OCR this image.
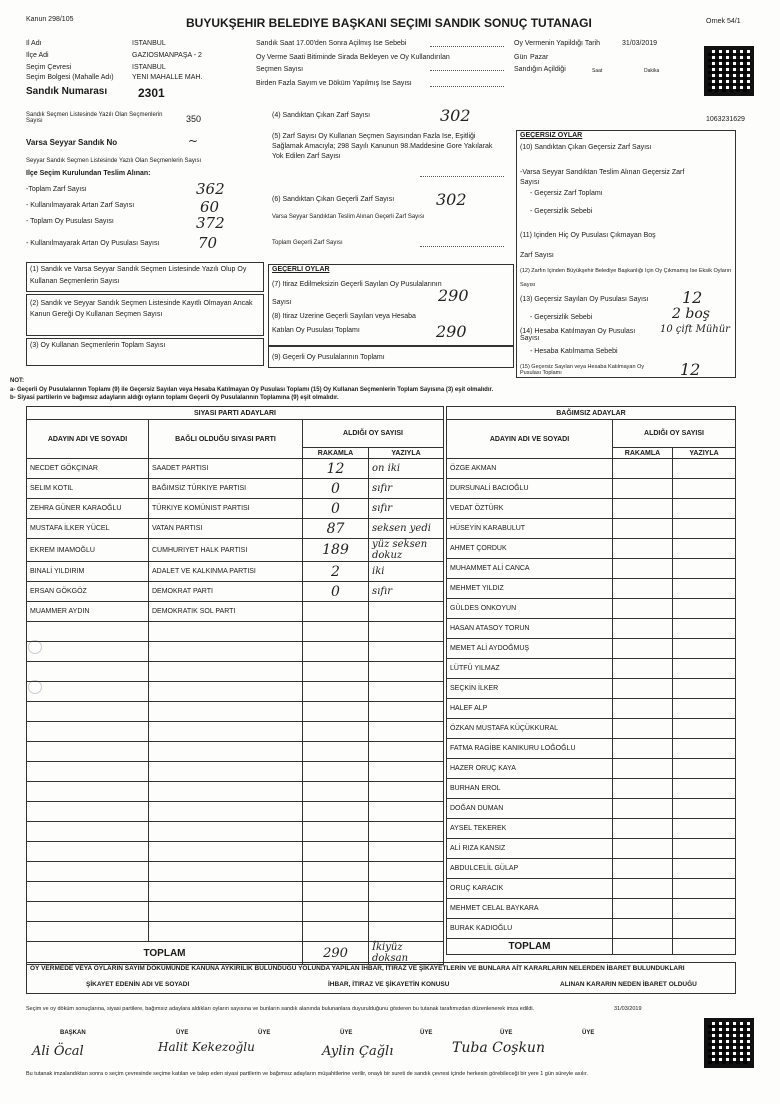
Kanun 298/105	BUYUKŞEHIR BELEDIYE BAŞKANI SEÇIMI SANDIK SONUÇ TUTANAGI	Ornek 54/1
Il Adı	ISTANBUL
Ilçe Adi	GAZIOSMANPAŞA - 2
Seçim Çevresi	ISTANBUL
Seçim Bolgesi (Mahalle Adı)	YENI MAHALLE MAH.
Sandık Numarası	2301
Sandık Saat 17.00'den Sonra Açilmış Ise Sebebi
Oy Verme Saati Bitiminde Sirada Bekleyen ve Oy Kullandırılan Seçmen Sayısı
Birden Fazla Sayım ve Döküm Yapılmış Ise Sayısı
Oy Vermenin Yapildığı Tarih	31/03/2019
Gün Pazar
Sandığın Açildiği	Saat	Dakika
1063231629
Sandık Seçmen Listesinde Yazılı Olan Seçmenlerin Sayısı	350
Varsa Seyyar Sandık No	~
Seyyar Sandık Seçmen Listesinde Yazılı Olan Seçmenlerin Sayısı
Ilçe Seçim Kurulundan Teslim Alınan:
-Toplam Zarf Sayısı	362
- Kullanılmayarak Artan Zarf Sayısı	60
- Toplam Oy Pusulası Sayısı	372
- Kullanılmayarak Artan Oy Pusulası Sayısı	70
(1) Sandık ve Varsa Seyyar Sandık Seçmen Listesinde Yazılı Olup Oy Kullanan Seçmenlerin Sayısı
(2) Sandık ve Seyyar Sandık Seçmen Listesinde Kayıtlı Olmayan Ancak Kanun Gereği Oy Kullanan Seçmen Sayısı
(3) Oy Kullanan Seçmenlerin Toplam Sayısı
(4) Sandıktan Çıkan Zarf Sayısı	302
(5) Zarf Sayısı Oy Kullanan Seçmen Sayısından Fazla Ise, Eşitliği Sağlamak Amacıyla; 298 Sayılı Kanunun 98.Maddesine Gore Yakılarak Yok Edilen Zarf Sayısı
(6) Sandıktan Çıkan Geçerli Zarf Sayısı	302
Varsa Seyyar Sandıktan Teslim Alınan Geçerli Zarf Sayısı
Toplam Geçerli Zarf Sayısı
GEÇERLI OYLAR
(7) Itiraz Edilmeksizin Geçerli Sayılan Oy Pusulalarının Sayısı	290
(8) Itiraz Uzerine Geçerli Sayılan veya Hesaba Katılan Oy Pusulası Toplamı	290
(9) Geçerli Oy Pusulalarının Toplamı
GEÇERSIZ OYLAR
(10) Sandıktan Çıkan Geçersiz Zarf Sayısı
-Varsa Seyyar Sandıktan Teslim Alınan Geçersiz Zarf Sayısı
- Geçersiz Zarf Toplamı
- Geçersizlik Sebebi
(11) Içinden Hiç Oy Pusulası Çıkmayan Boş Zarf Sayısı
(12) Zarfın Içinden Büyükşehir Belediye Başkanlığı Için Oy Çıkmamış Ise Eksik Oyların Sayısı
(13) Geçersiz Sayılan Oy Pusulası Sayısı 12
- Geçersizlik Sebebi	2 boş
(14) Hesaba Katılmayan Oy Pusulası Sayısı
10 çift Mühür
- Hesaba Katılmama Sebebi
(15) Geçersiz Sayılan veya Hesaba Katılmayan Oy Pusulası Toplamı	12
NOT:
a- Geçerli Oy Pusulalarının Toplamı (9) ile Geçersiz Sayılan veya Hesaba Katılmayan Oy Pusulası Toplamı (15) Oy Kullanan Seçmenlerin Toplam Sayısına (3) eşit olmalıdır.
b- Siyasi partilerin ve bağımsız adayların aldığı oyların toplamı Geçerli Oy Pusulalarının Toplamına (9) eşit olmalıdır.
SIYASI PARTI ADAYLARI			
ADAYIN ADI VE SOYADI	BAĞLI OLDUĞU SIYASI PARTI	ALDIĞI OY SAYISI	
		RAKAMLA	YAZIYLA
NECDET GÖKÇINAR	SAADET PARTISI	12	on iki
SELIM KOTIL	BAĞIMSIZ TÜRKIYE PARTISI	0	sıfır
ZEHRA GÜNER KARAOĞLU	TÜRKIYE KOMÜNIST PARTISI	0	sıfır
MUSTAFA İLKER YÜCEL	VATAN PARTISI	87	seksen yedi
EKREM IMAMOĞLU	CUMHURIYET HALK PARTISI	189	yüz seksen dokuz
BINALİ YILDIRIM	ADALET VE KALKINMA PARTISI	2	iki
ERSAN GÖKGÖZ	DEMOKRAT PARTI	0	sıfır
MUAMMER AYDIN	DEMOKRATIK SOL PARTI		

TOPLAM		290	İkiyüz doksan
BAĞIMSIZ ADAYLAR		
ADAYIN ADI VE SOYADI	ALDIĞI OY SAYISI	
	RAKAMLA	YAZIYLA
ÖZGE AKMAN		
DURSUNALİ BACIOĞLU		
VEDAT ÖZTÜRK		
HÜSEYİN KARABULUT		
AHMET ÇORDUK		
MUHAMMET ALİ CANCA		
MEHMET YILDIZ		
GÜLDES ONKOYUN		
HASAN ATASOY TORUN		
MEMET ALİ AYDOĞMUŞ		
LÜTFÜ YILMAZ		
SEÇKİN İLKER		
HALEF ALP		
ÖZKAN MUSTAFA KÜÇÜKKURAL		
FATMA RAGİBE KANIKURU LOĞOĞLU		
HAZER ORUÇ KAYA		
BURHAN EROL		
DOĞAN DUMAN		
AYSEL TEKEREK		
ALİ RIZA KANSIZ		
ABDULCELİL GÜLAP		
ORUÇ KARACIK		
MEHMET CELAL BAYKARA		
BURAK KADIOĞLU		
TOPLAM		
OY VERMEDE VEYA OYLARIN SAYIM DÖKÜMÜNDE KANUNA AYKIRILIK BULUNDUĞU YOLUNDA YAPILAN İHBAR, İTIRAZ VE ŞİKAYETLERİN VE BUNLARA AİT KARARLARIN NELERDEN İBARET BULUNDUKLARI
ŞİKAYET EDENİN ADI VE SOYADI	İHBAR, İTIRAZ VE ŞİKAYETİN KONUSU	ALINAN KARARIN NEDEN İBARET OLDUĞU
Seçim ve oy döküm sonuçlarına, siyasi partilere, bağımsız adaylara aldıkları oyların sayısına ve bunların sandık alanında bulunanlara duyurulduğunu gösteren bu tutanak tarafımızdan düzenlenerek imza edildi.	31/03/2019
BAŞKAN	ÜYE	ÜYE	ÜYE	ÜYE	ÜYE	ÜYE
Ali Öcal	Halit Kekezoğlu	Aylin Çağlı	Tuba Coşkun
Bu tutanak imzalandıktan sonra o seçim çevresinde seçime katılan ve talep eden siyasi partilerin ve bağımsız adayların müşahitlerine verilir, onaylı bir sureti de sandık çevresi içinde herkesin görebileceği bir yere 1 gün süreyle asılır.
